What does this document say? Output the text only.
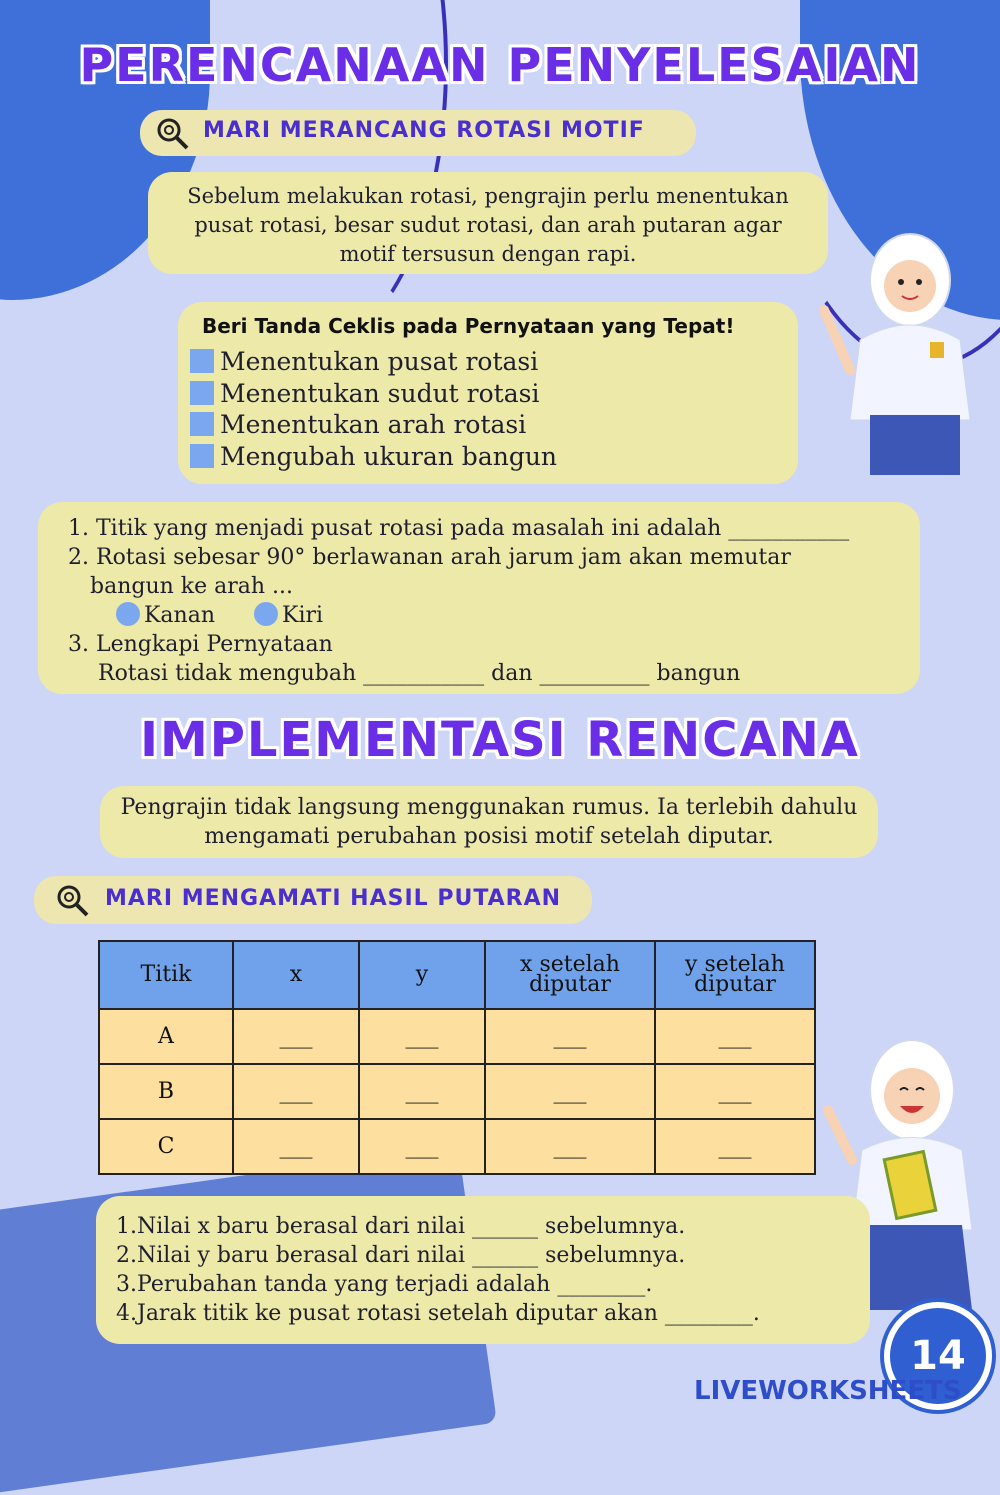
PERENCANAAN PENYELESAIAN
MARI MERANCANG ROTASI MOTIF
Sebelum melakukan rotasi, pengrajin perlu menentukan pusat rotasi, besar sudut rotasi, dan arah putaran agar motif tersusun dengan rapi.
Beri Tanda Ceklis pada Pernyataan yang Tepat!
Menentukan pusat rotasi
Menentukan sudut rotasi
Menentukan arah rotasi
Mengubah ukuran bangun
1. Titik yang menjadi pusat rotasi pada masalah ini adalah ___________
2. Rotasi sebesar 90° berlawanan arah jarum jam akan memutar
bangun ke arah ...
Kanan	Kiri
3. Lengkapi Pernyataan
Rotasi tidak mengubah ___________ dan __________ bangun
IMPLEMENTASI RENCANA
Pengrajin tidak langsung menggunakan rumus. Ia terlebih dahulu mengamati perubahan posisi motif setelah diputar.
MARI MENGAMATI HASIL PUTARAN
Titik	x	y	x setelah diputar	y setelah diputar
A	___	___	___	___
B	___	___	___	___
C	___	___	___	___
1.Nilai x baru berasal dari nilai ______ sebelumnya.
2.Nilai y baru berasal dari nilai ______ sebelumnya.
3.Perubahan tanda yang terjadi adalah ________.
4.Jarak titik ke pusat rotasi setelah diputar akan ________.
14
LIVEWORKSHEETS
